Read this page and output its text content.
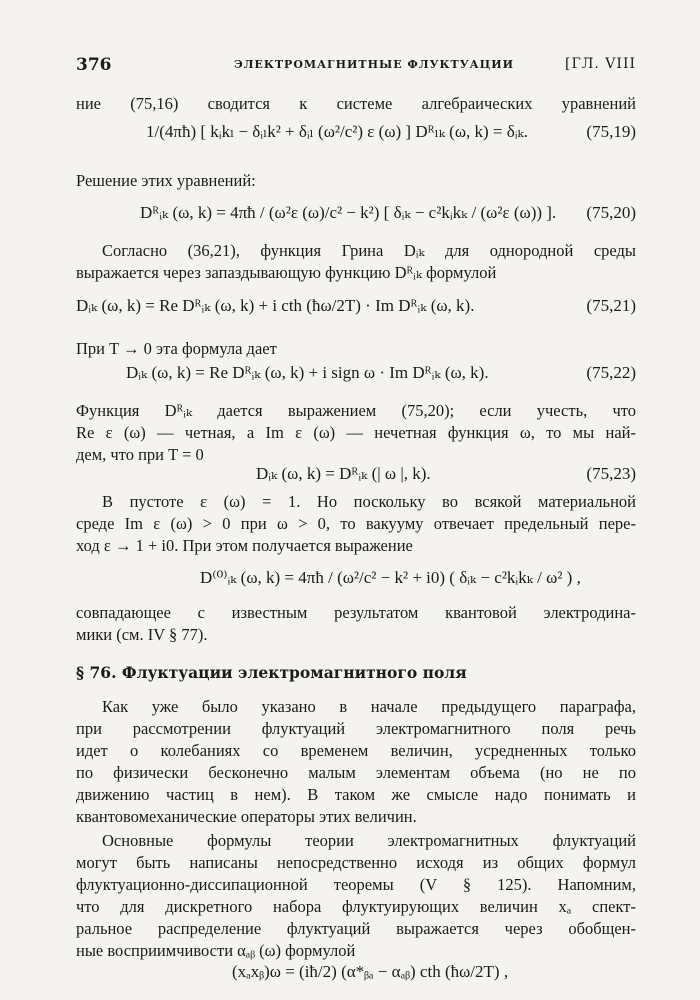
376	ЭЛЕКТРОМАГНИТНЫЕ ФЛУКТУАЦИИ	[ГЛ. VIII
ние (75,16) сводится к системе алгебраических уравнений
1/(4πħ) [ kᵢkₗ − δᵢₗk² + δᵢₗ (ω²/c²) ε (ω) ] Dᴿₗₖ (ω, k) = δᵢₖ.	(75,19)
Решение этих уравнений:
Dᴿᵢₖ (ω, k) = 4πħ / (ω²ε (ω)/c² − k²) [ δᵢₖ − c²kᵢkₖ / (ω²ε (ω)) ]. (75,20)
Согласно (36,21), функция Грина Dᵢₖ для однородной среды
выражается через запаздывающую функцию Dᴿᵢₖ формулой
Dᵢₖ (ω, k) = Re Dᴿᵢₖ (ω, k) + i cth (ħω/2T) · Im Dᴿᵢₖ (ω, k).	(75,21)
При T → 0 эта формула дает
Dᵢₖ (ω, k) = Re Dᴿᵢₖ (ω, k) + i sign ω · Im Dᴿᵢₖ (ω, k).	(75,22)
Функция Dᴿᵢₖ дается выражением (75,20); если учесть, что
Re ε (ω) — четная, а Im ε (ω) — нечетная функция ω, то мы най-
дем, что при T = 0
Dᵢₖ (ω, k) = Dᴿᵢₖ (| ω |, k).	(75,23)
В пустоте ε (ω) = 1. Но поскольку во всякой материальной
среде Im ε (ω) > 0 при ω > 0, то вакууму отвечает предельный пере-
ход ε → 1 + i0. При этом получается выражение
D⁽⁰⁾ᵢₖ (ω, k) = 4πħ / (ω²/c² − k² + i0) ( δᵢₖ − c²kᵢkₖ / ω² ) ,
совпадающее с известным результатом квантовой электродина-
мики (см. IV § 77).
§ 76. Флуктуации электромагнитного поля
Как уже было указано в начале предыдущего параграфа,
при рассмотрении флуктуаций электромагнитного поля речь
идет о колебаниях со временем величин, усредненных только
по физически бесконечно малым элементам объема (но не по
движению частиц в нем). В таком же смысле надо понимать и
квантовомеханические операторы этих величин.
Основные формулы теории электромагнитных флуктуаций
могут быть написаны непосредственно исходя из общих формул
флуктуационно-диссипационной теоремы (V § 125). Напомним,
что для дискретного набора флуктуирующих величин xₐ спект-
ральное распределение флуктуаций выражается через обобщен-
ные восприимчивости αₐᵦ (ω) формулой
(xₐxᵦ)ω = (iħ/2) (α*ᵦₐ − αₐᵦ) cth (ħω/2T) ,
